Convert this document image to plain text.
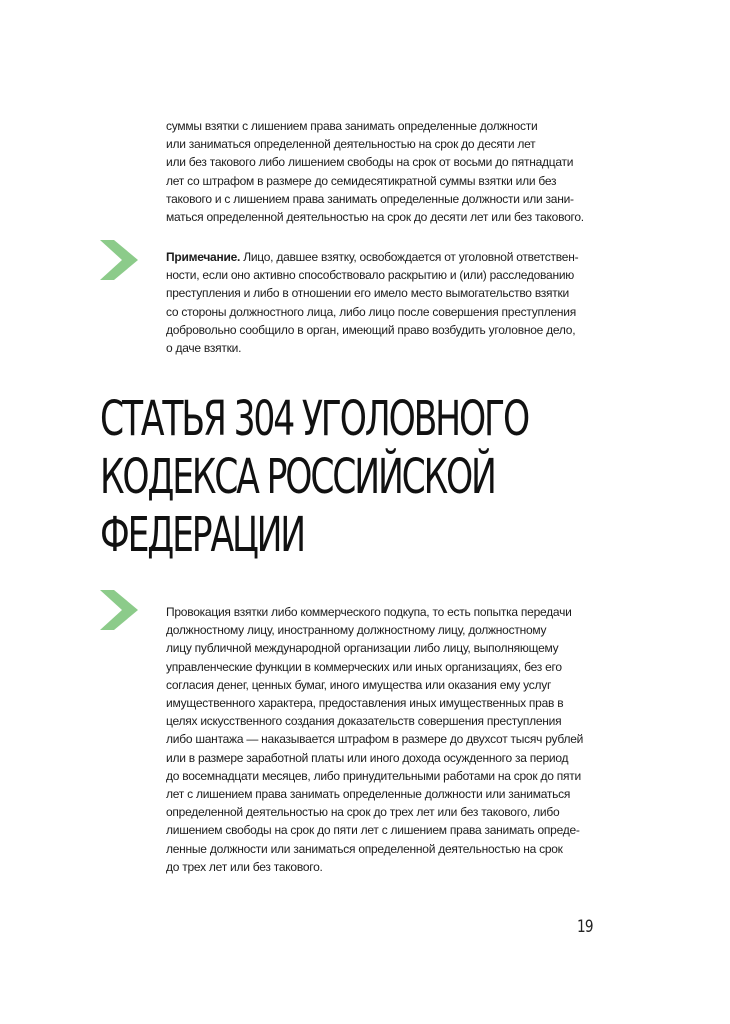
суммы взятки с лишением права занимать определенные должности
или заниматься определенной деятельностью на срок до десяти лет
или без такового либо лишением свободы на срок от восьми до пятнадцати
лет со штрафом в размере до семидесятикратной суммы взятки или без
такового и с лишением права занимать определенные должности или зани-
маться определенной деятельностью на срок до десяти лет или без такового.
Примечание. Лицо, давшее взятку, освобождается от уголовной ответствен-
ности, если оно активно способствовало раскрытию и (или) расследованию
преступления и либо в отношении его имело место вымогательство взятки
со стороны должностного лица, либо лицо после совершения преступления
добровольно сообщило в орган, имеющий право возбудить уголовное дело,
о даче взятки.
СТАТЬЯ 304 УГОЛОВНОГО
КОДЕКСА РОССИЙСКОЙ
ФЕДЕРАЦИИ
Провокация взятки либо коммерческого подкупа, то есть попытка передачи
должностному лицу, иностранному должностному лицу, должностному
лицу публичной международной организации либо лицу, выполняющему
управленческие функции в коммерческих или иных организациях, без его
согласия денег, ценных бумаг, иного имущества или оказания ему услуг
имущественного характера, предоставления иных имущественных прав в
целях искусственного создания доказательств совершения преступления
либо шантажа — наказывается штрафом в размере до двухсот тысяч рублей
или в размере заработной платы или иного дохода осужденного за период
до восемнадцати месяцев, либо принудительными работами на срок до пяти
лет с лишением права занимать определенные должности или заниматься
определенной деятельностью на срок до трех лет или без такового, либо
лишением свободы на срок до пяти лет с лишением права занимать опреде-
ленные должности или заниматься определенной деятельностью на срок
до трех лет или без такового.
19
